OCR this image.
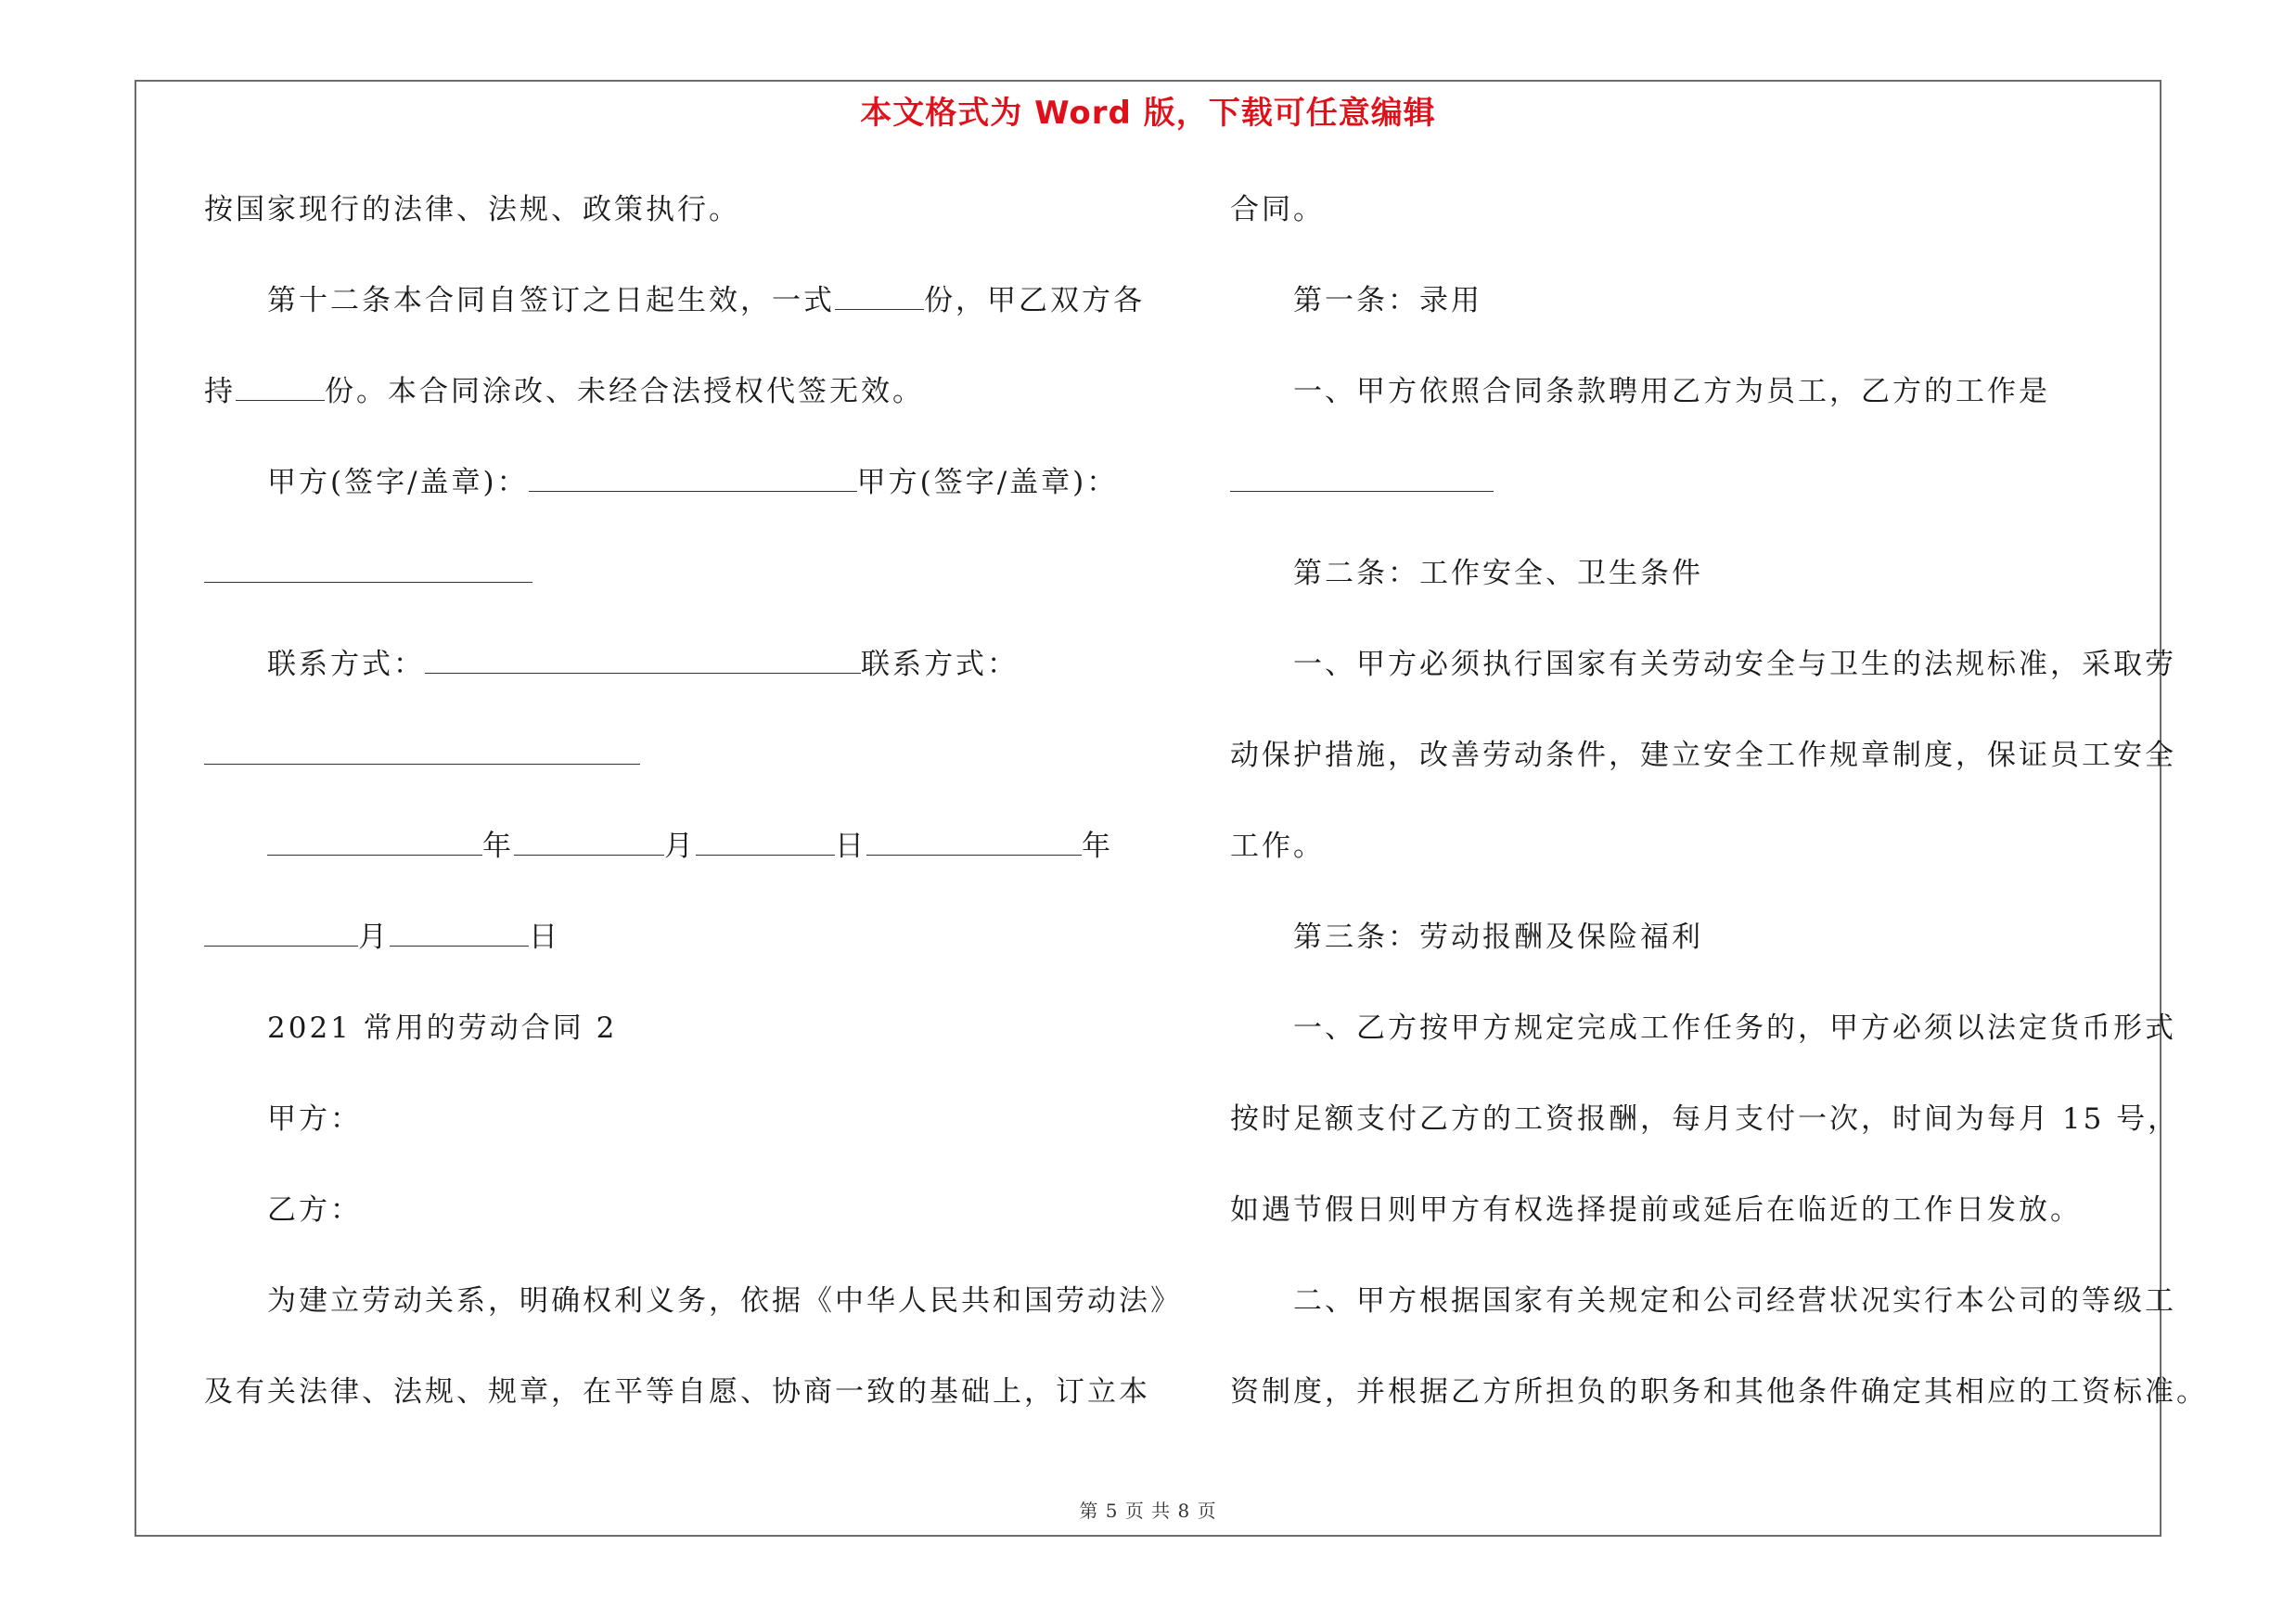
本文格式为 Word 版，下载可任意编辑
按国家现行的法律、法规、政策执行。
第十二条本合同自签订之日起生效，一式	份，甲乙双方各
持	份。本合同涂改、未经合法授权代签无效。
甲方(签字/盖章)：	甲方(签字/盖章)：
联系方式：	联系方式：
年	月	日	年
月	日
2021 常用的劳动合同 2
甲方：
乙方：
为建立劳动关系，明确权利义务，依据《中华人民共和国劳动法》
及有关法律、法规、规章，在平等自愿、协商一致的基础上，订立本
合同。
第一条：录用
一、甲方依照合同条款聘用乙方为员工，乙方的工作是
第二条：工作安全、卫生条件
一、甲方必须执行国家有关劳动安全与卫生的法规标准，采取劳
动保护措施，改善劳动条件，建立安全工作规章制度，保证员工安全
工作。
第三条：劳动报酬及保险福利
一、乙方按甲方规定完成工作任务的，甲方必须以法定货币形式
按时足额支付乙方的工资报酬，每月支付一次，时间为每月 15 号，
如遇节假日则甲方有权选择提前或延后在临近的工作日发放。
二、甲方根据国家有关规定和公司经营状况实行本公司的等级工
资制度，并根据乙方所担负的职务和其他条件确定其相应的工资标准。
第 5 页 共 8 页
